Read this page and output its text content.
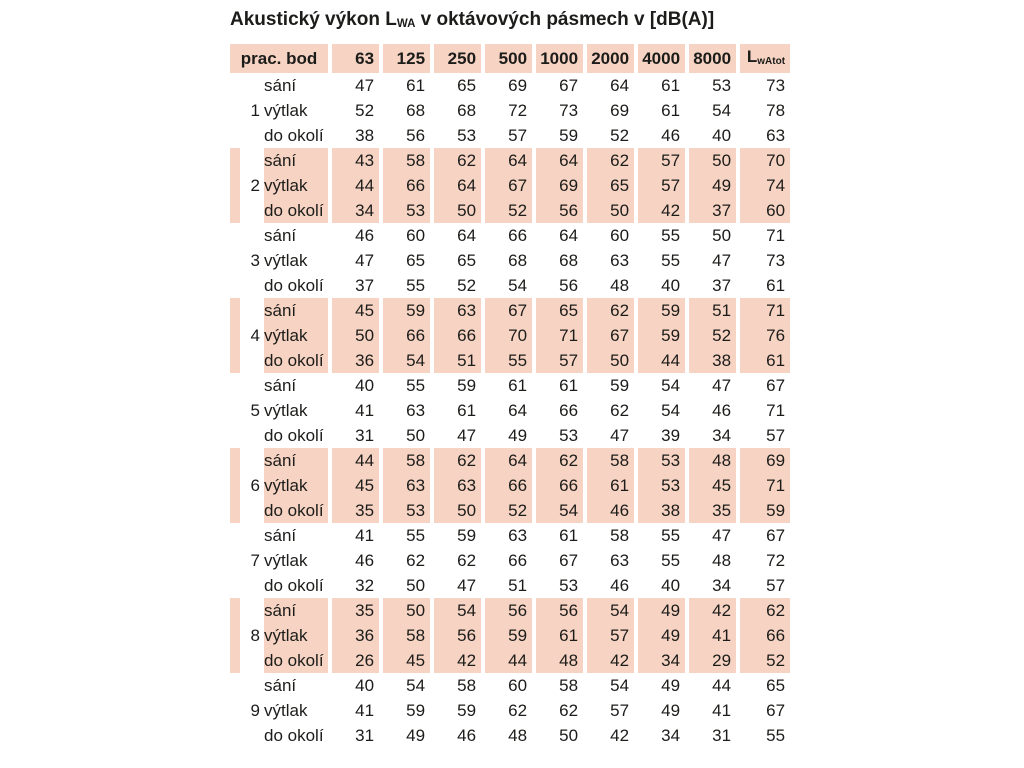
Akustický výkon LWA v oktávových pásmech v [dB(A)]
prac. bod			63	125	250	500	1000	2000	4000	8000	LwAtot
		sání	47	61	65	69	67	64	61	53	73
	1	výtlak	52	68	68	72	73	69	61	54	78
		do okolí	38	56	53	57	59	52	46	40	63
		sání	43	58	62	64	64	62	57	50	70
	2	výtlak	44	66	64	67	69	65	57	49	74
		do okolí	34	53	50	52	56	50	42	37	60
		sání	46	60	64	66	64	60	55	50	71
	3	výtlak	47	65	65	68	68	63	55	47	73
		do okolí	37	55	52	54	56	48	40	37	61
		sání	45	59	63	67	65	62	59	51	71
	4	výtlak	50	66	66	70	71	67	59	52	76
		do okolí	36	54	51	55	57	50	44	38	61
		sání	40	55	59	61	61	59	54	47	67
	5	výtlak	41	63	61	64	66	62	54	46	71
		do okolí	31	50	47	49	53	47	39	34	57
		sání	44	58	62	64	62	58	53	48	69
	6	výtlak	45	63	63	66	66	61	53	45	71
		do okolí	35	53	50	52	54	46	38	35	59
		sání	41	55	59	63	61	58	55	47	67
	7	výtlak	46	62	62	66	67	63	55	48	72
		do okolí	32	50	47	51	53	46	40	34	57
		sání	35	50	54	56	56	54	49	42	62
	8	výtlak	36	58	56	59	61	57	49	41	66
		do okolí	26	45	42	44	48	42	34	29	52
		sání	40	54	58	60	58	54	49	44	65
	9	výtlak	41	59	59	62	62	57	49	41	67
		do okolí	31	49	46	48	50	42	34	31	55
